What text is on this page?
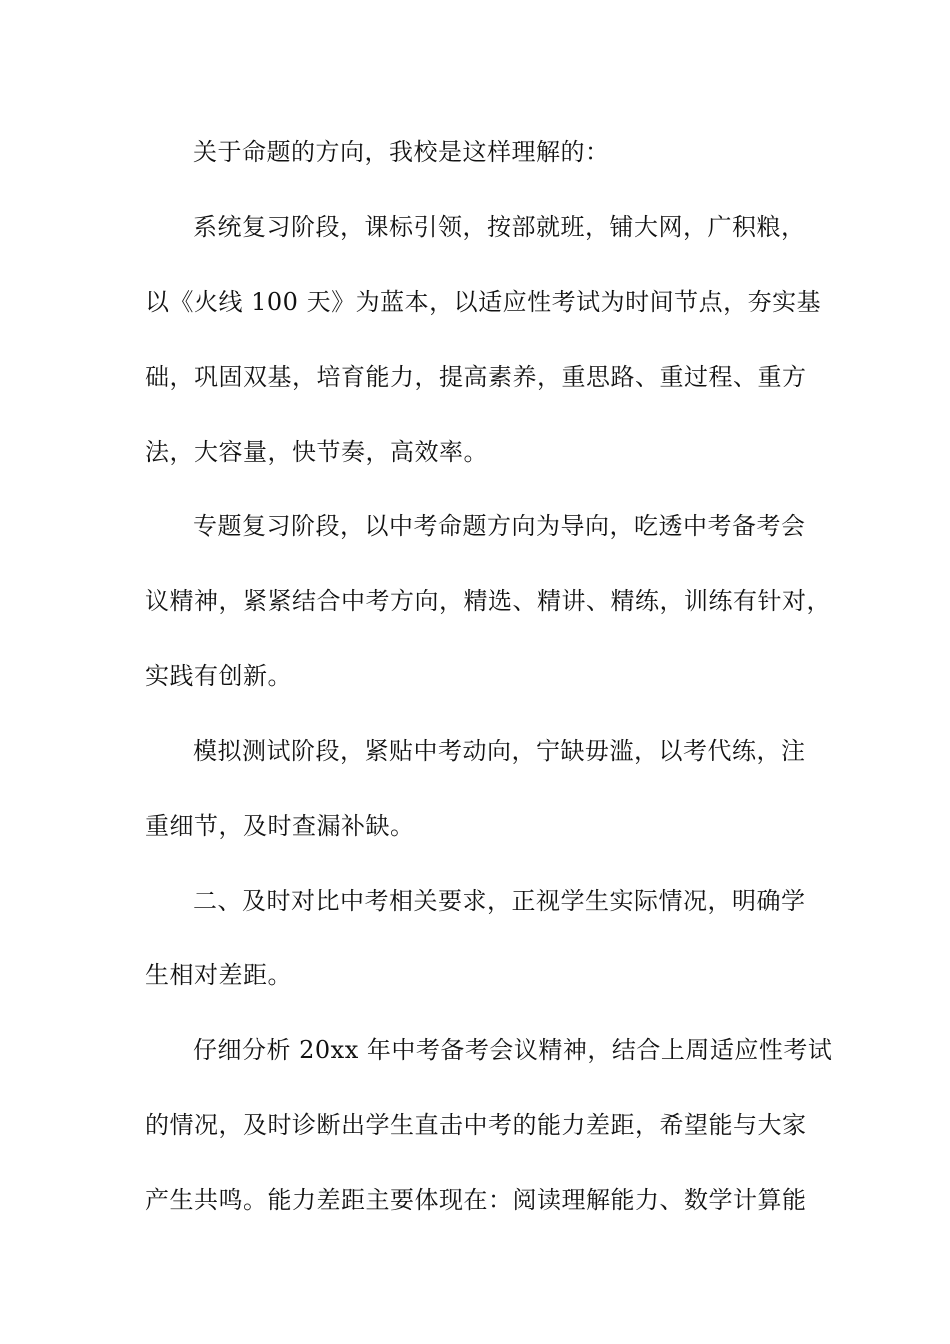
关于命题的方向，我校是这样理解的：
系统复习阶段，课标引领，按部就班，铺大网，广积粮，
以《火线 100 天》为蓝本，以适应性考试为时间节点，夯实基
础，巩固双基，培育能力，提高素养，重思路、重过程、重方
法，大容量，快节奏，高效率。
专题复习阶段，以中考命题方向为导向，吃透中考备考会
议精神，紧紧结合中考方向，精选、精讲、精练，训练有针对，
实践有创新。
模拟测试阶段，紧贴中考动向，宁缺毋滥，以考代练，注
重细节，及时查漏补缺。
二、及时对比中考相关要求，正视学生实际情况，明确学
生相对差距。
仔细分析 20xx 年中考备考会议精神，结合上周适应性考试
的情况，及时诊断出学生直击中考的能力差距，希望能与大家
产生共鸣。能力差距主要体现在：阅读理解能力、数学计算能
